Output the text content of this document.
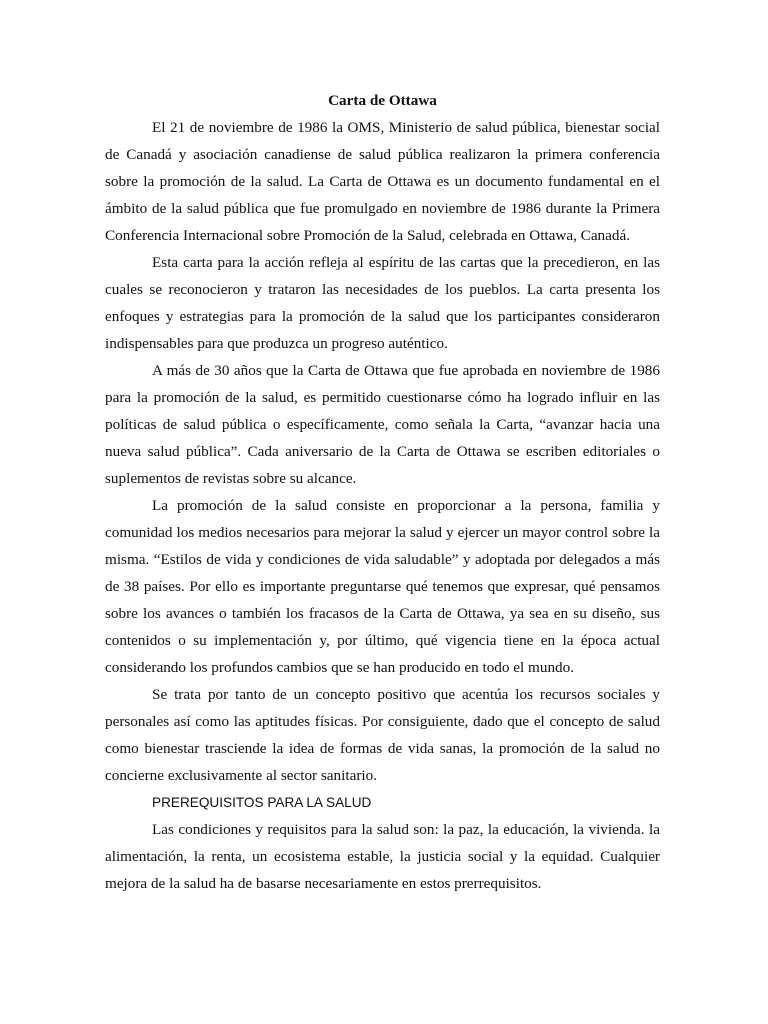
Carta de Ottawa

El 21 de noviembre de 1986 la OMS, Ministerio de salud pública, bienestar social de Canadá y asociación canadiense de salud pública realizaron la primera conferencia sobre la promoción de la salud. La Carta de Ottawa es un documento fundamental en el ámbito de la salud pública que fue promulgado en noviembre de 1986 durante la Primera Conferencia Internacional sobre Promoción de la Salud, celebrada en Ottawa, Canadá.

Esta carta para la acción refleja al espíritu de las cartas que la precedieron, en las cuales se reconocieron y trataron las necesidades de los pueblos. La carta presenta los enfoques y estrategias para la promoción de la salud que los participantes consideraron indispensables para que produzca un progreso auténtico.

A más de 30 años que la Carta de Ottawa que fue aprobada en noviembre de 1986 para la promoción de la salud, es permitido cuestionarse cómo ha logrado influir en las políticas de salud pública o específicamente, como señala la Carta, “avanzar hacia una nueva salud pública”. Cada aniversario de la Carta de Ottawa se escriben editoriales o suplementos de revistas sobre su alcance.

La promoción de la salud consiste en proporcionar a la persona, familia y comunidad los medios necesarios para mejorar la salud y ejercer un mayor control sobre la misma. “Estilos de vida y condiciones de vida saludable” y adoptada por delegados a más de 38 países. Por ello es importante preguntarse qué tenemos que expresar, qué pensamos sobre los avances o también los fracasos de la Carta de Ottawa, ya sea en su diseño, sus contenidos o su implementación y, por último, qué vigencia tiene en la época actual considerando los profundos cambios que se han producido en todo el mundo.

Se trata por tanto de un concepto positivo que acentúa los recursos sociales y personales así como las aptitudes físicas. Por consiguiente, dado que el concepto de salud como bienestar trasciende la idea de formas de vida sanas, la promoción de la salud no concierne exclusivamente al sector sanitario.

PREREQUISITOS PARA LA SALUD

Las condiciones y requisitos para la salud son: la paz, la educación, la vivienda. la alimentación, la renta, un ecosistema estable, la justicia social y la equidad. Cualquier mejora de la salud ha de basarse necesariamente en estos prerrequisitos.
